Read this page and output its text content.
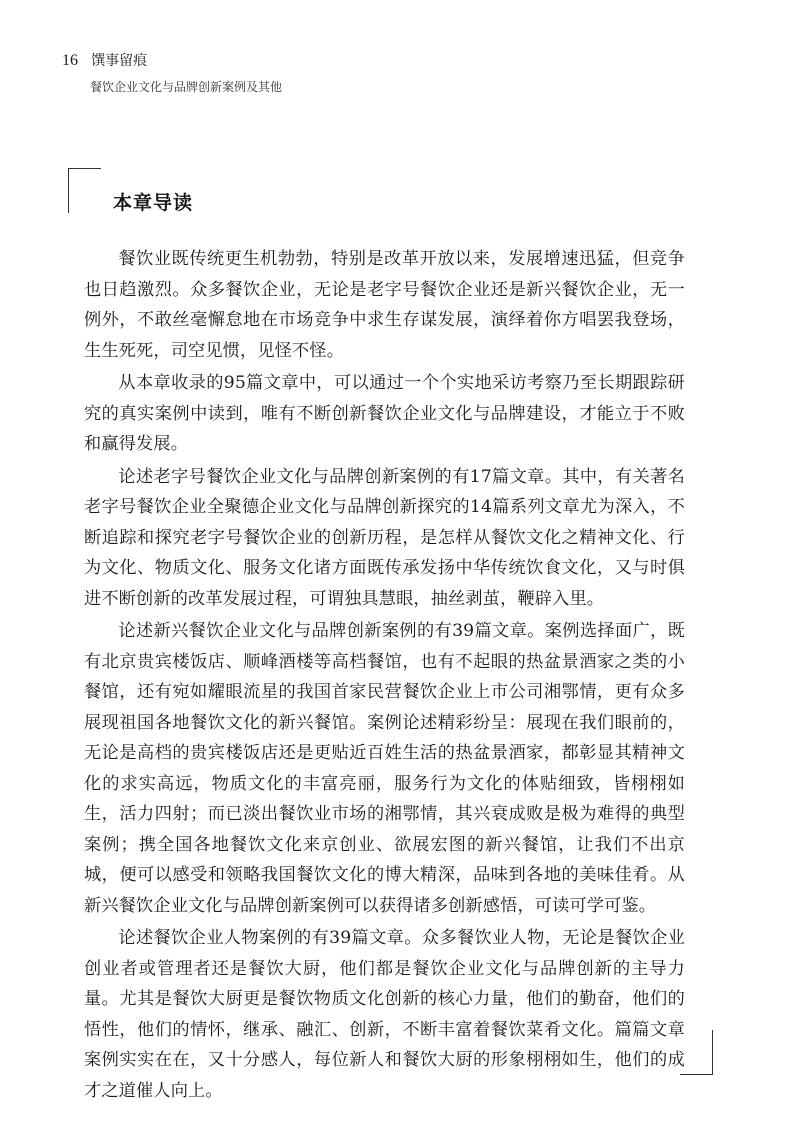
16 馔事留痕
餐饮企业文化与品牌创新案例及其他
本章导读

餐饮业既传统更生机勃勃，特别是改革开放以来，发展增速迅猛，但竞争也日趋激烈。众多餐饮企业，无论是老字号餐饮企业还是新兴餐饮企业，无一例外，不敢丝毫懈怠地在市场竞争中求生存谋发展，演绎着你方唱罢我登场，生生死死，司空见惯，见怪不怪。

从本章收录的95篇文章中，可以通过一个个实地采访考察乃至长期跟踪研究的真实案例中读到，唯有不断创新餐饮企业文化与品牌建设，才能立于不败和赢得发展。

论述老字号餐饮企业文化与品牌创新案例的有17篇文章。其中，有关著名老字号餐饮企业全聚德企业文化与品牌创新探究的14篇系列文章尤为深入，不断追踪和探究老字号餐饮企业的创新历程，是怎样从餐饮文化之精神文化、行为文化、物质文化、服务文化诸方面既传承发扬中华传统饮食文化，又与时俱进不断创新的改革发展过程，可谓独具慧眼，抽丝剥茧，鞭辟入里。

论述新兴餐饮企业文化与品牌创新案例的有39篇文章。案例选择面广，既有北京贵宾楼饭店、顺峰酒楼等高档餐馆，也有不起眼的热盆景酒家之类的小餐馆，还有宛如耀眼流星的我国首家民营餐饮企业上市公司湘鄂情，更有众多展现祖国各地餐饮文化的新兴餐馆。案例论述精彩纷呈：展现在我们眼前的，无论是高档的贵宾楼饭店还是更贴近百姓生活的热盆景酒家，都彰显其精神文化的求实高远，物质文化的丰富亮丽，服务行为文化的体贴细致，皆栩栩如生，活力四射；而已淡出餐饮业市场的湘鄂情，其兴衰成败是极为难得的典型案例；携全国各地餐饮文化来京创业、欲展宏图的新兴餐馆，让我们不出京城，便可以感受和领略我国餐饮文化的博大精深，品味到各地的美味佳肴。从新兴餐饮企业文化与品牌创新案例可以获得诸多创新感悟，可读可学可鉴。

论述餐饮企业人物案例的有39篇文章。众多餐饮业人物，无论是餐饮企业创业者或管理者还是餐饮大厨，他们都是餐饮企业文化与品牌创新的主导力量。尤其是餐饮大厨更是餐饮物质文化创新的核心力量，他们的勤奋，他们的悟性，他们的情怀，继承、融汇、创新，不断丰富着餐饮菜肴文化。篇篇文章案例实实在在，又十分感人，每位新人和餐饮大厨的形象栩栩如生，他们的成才之道催人向上。
